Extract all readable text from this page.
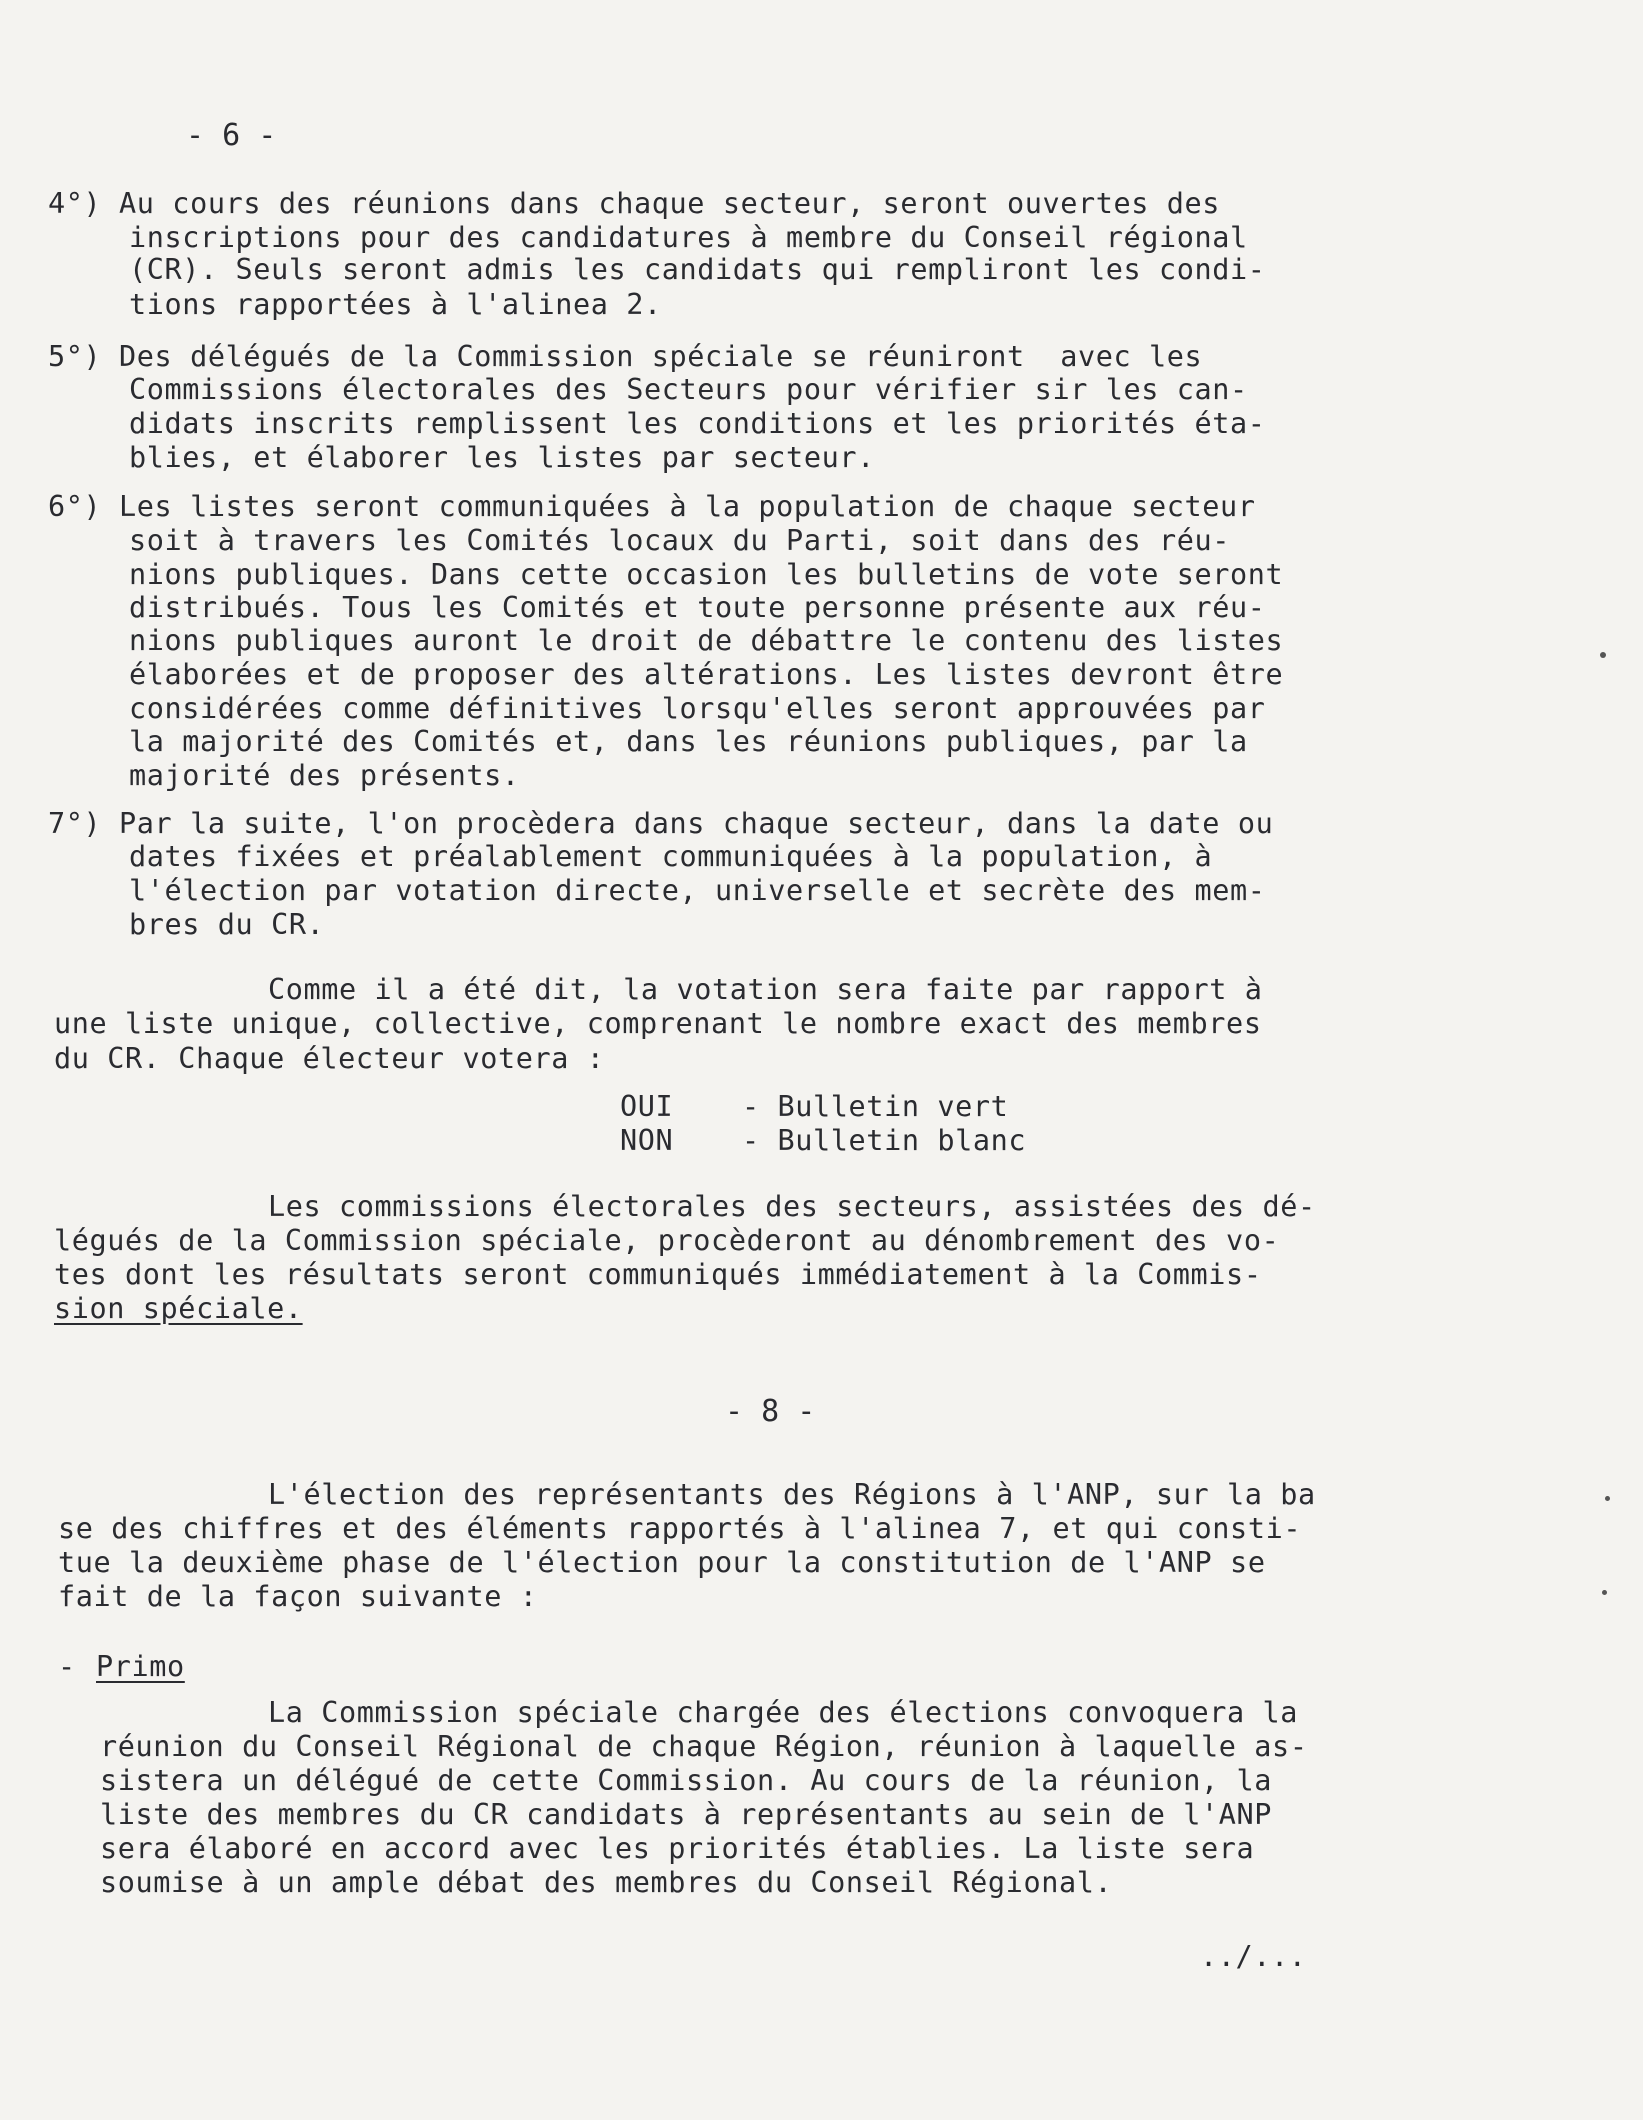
- 6 -
4°) Au cours des réunions dans chaque secteur, seront ouvertes des
inscriptions pour des candidatures à membre du Conseil régional
(CR). Seuls seront admis les candidats qui rempliront les condi-
tions rapportées à l'alinea 2.
5°) Des délégués de la Commission spéciale se réuniront  avec les
Commissions électorales des Secteurs pour vérifier sir les can-
didats inscrits remplissent les conditions et les priorités éta-
blies, et élaborer les listes par secteur.
6°) Les listes seront communiquées à la population de chaque secteur
soit à travers les Comités locaux du Parti, soit dans des réu-
nions publiques. Dans cette occasion les bulletins de vote seront
distribués. Tous les Comités et toute personne présente aux réu-
nions publiques auront le droit de débattre le contenu des listes
élaborées et de proposer des altérations. Les listes devront être
considérées comme définitives lorsqu'elles seront approuvées par
la majorité des Comités et, dans les réunions publiques, par la
majorité des présents.
7°) Par la suite, l'on procèdera dans chaque secteur, dans la date ou
dates fixées et préalablement communiquées à la population, à
l'élection par votation directe, universelle et secrète des mem-
bres du CR.
Comme il a été dit, la votation sera faite par rapport à
une liste unique, collective, comprenant le nombre exact des membres
du CR. Chaque électeur votera :
OUI - Bulletin vert
NON - Bulletin blanc
Les commissions électorales des secteurs, assistées des dé-
légués de la Commission spéciale, procèderont au dénombrement des vo-
tes dont les résultats seront communiqués immédiatement à la Commis-
sion spéciale.
- 8 -
L'élection des représentants des Régions à l'ANP, sur la ba
se des chiffres et des éléments rapportés à l'alinea 7, et qui consti-
tue la deuxième phase de l'élection pour la constitution de l'ANP se
fait de la façon suivante :
- Primo
La Commission spéciale chargée des élections convoquera la
réunion du Conseil Régional de chaque Région, réunion à laquelle as-
sistera un délégué de cette Commission. Au cours de la réunion, la
liste des membres du CR candidats à représentants au sein de l'ANP
sera élaboré en accord avec les priorités établies. La liste sera
soumise à un ample débat des membres du Conseil Régional.
../...
